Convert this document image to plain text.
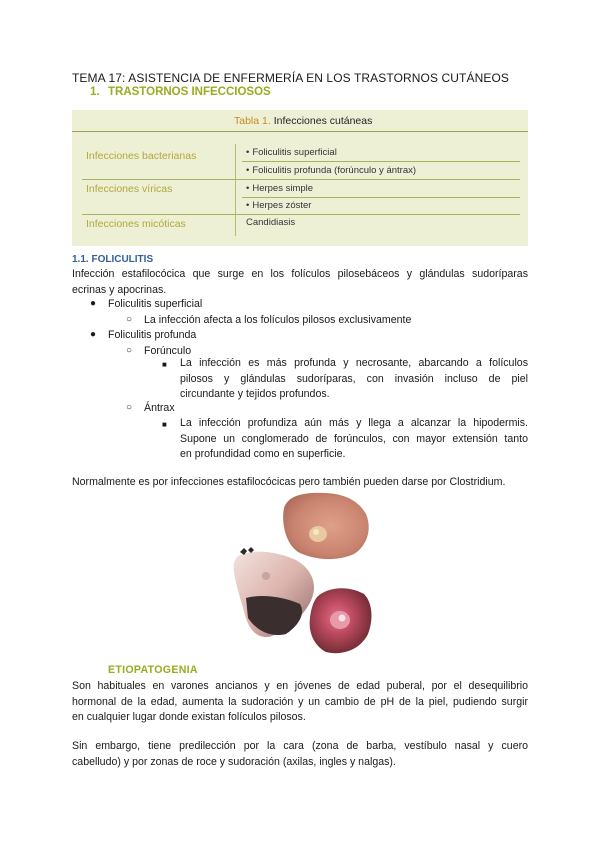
TEMA 17: ASISTENCIA DE ENFERMERÍA EN LOS TRASTORNOS CUTÁNEOS
1. TRASTORNOS INFECCIOSOS
Tabla 1. Infecciones cutáneas
Infecciones bacterianas	• Foliculitis superficial
• Foliculitis profunda (forúnculo y ántrax)
Infecciones víricas	• Herpes simple
• Herpes zóster
Infecciones micóticas	Candidiasis
1.1. FOLICULITIS
Infección estafilocócica que surge en los folículos pilosebáceos y glándulas sudoríparas
ecrinas y apocrinas.
● Foliculitis superficial
○ La infección afecta a los folículos pilosos exclusivamente
● Foliculitis profunda
○ Forúnculo
■ La infección es más profunda y necrosante, abarcando a folículos
pilosos y glándulas sudoríparas, con invasión incluso de piel
circundante y tejidos profundos.
○ Ántrax
■ La infección profundiza aún más y llega a alcanzar la hipodermis.
Supone un conglomerado de forúnculos, con mayor extensión tanto
en profundidad como en superficie.
Normalmente es por infecciones estafilocócicas pero también pueden darse por Clostridium.
ETIOPATOGENIA
Son habituales en varones ancianos y en jóvenes de edad puberal, por el desequilibrio
hormonal de la edad, aumenta la sudoración y un cambio de pH de la piel, pudiendo surgir
en cualquier lugar donde existan folículos pilosos.
Sin embargo, tiene predilección por la cara (zona de barba, vestíbulo nasal y cuero
cabelludo) y por zonas de roce y sudoración (axilas, ingles y nalgas).
